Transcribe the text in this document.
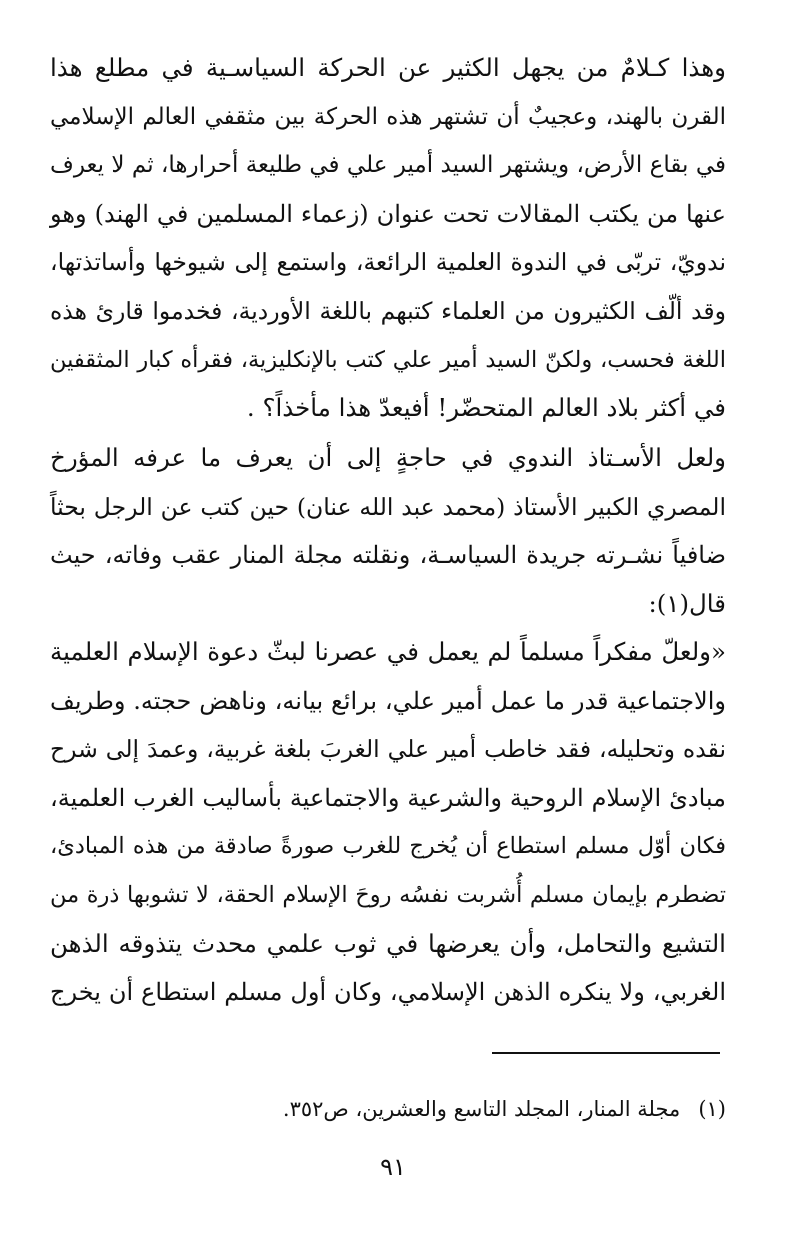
وهذا كـلامٌ من يجهل الكثير عن الحركة السياسـية في مطلع هذا
القرن بالهند، وعجيبٌ أن تشتهر هذه الحركة بين مثقفي العالم الإسلامي
في بقاع الأرض، ويشتهر السيد أمير علي في طليعة أحرارها، ثم لا يعرف
عنها من يكتب المقالات تحت عنوان (زعماء المسلمين في الهند) وهو
ندويّ، تربّى في الندوة العلمية الرائعة، واستمع إلى شيوخها وأساتذتها،
وقد ألّف الكثيرون من العلماء كتبهم باللغة الأوردية، فخدموا قارئ هذه
اللغة فحسب، ولكنّ السيد أمير علي كتب بالإنكليزية، فقرأه كبار المثقفين
في أكثر بلاد العالم المتحضّر! أفيعدّ هذا مأخذاً؟ .
ولعل الأسـتاذ الندوي في حاجةٍ إلى أن يعرف ما عرفه المؤرخ
المصري الكبير الأستاذ (محمد عبد الله عنان) حين كتب عن الرجل بحثاً
ضافياً نشـرته جريدة السياسـة، ونقلته مجلة المنار عقب وفاته، حيث
قال(١):
«ولعلّ مفكراً مسلماً لم يعمل في عصرنا لبثّ دعوة الإسلام العلمية
والاجتماعية قدر ما عمل أمير علي، برائع بيانه، وناهض حجته. وطريف
نقده وتحليله، فقد خاطب أمير علي الغربَ بلغة غربية، وعمدَ إلى شرح
مبادئ الإسلام الروحية والشرعية والاجتماعية بأساليب الغرب العلمية،
فكان أوّل مسلم استطاع أن يُخرج للغرب صورةً صادقة من هذه المبادئ،
تضطرم بإيمان مسلم أُشربت نفسُه روحَ الإسلام الحقة، لا تشوبها ذرة من
التشيع والتحامل، وأن يعرضها في ثوب علمي محدث يتذوقه الذهن
الغربي، ولا ينكره الذهن الإسلامي، وكان أول مسلم استطاع أن يخرج
(١)مجلة المنار، المجلد التاسع والعشرين، ص٣٥٢.
٩١
